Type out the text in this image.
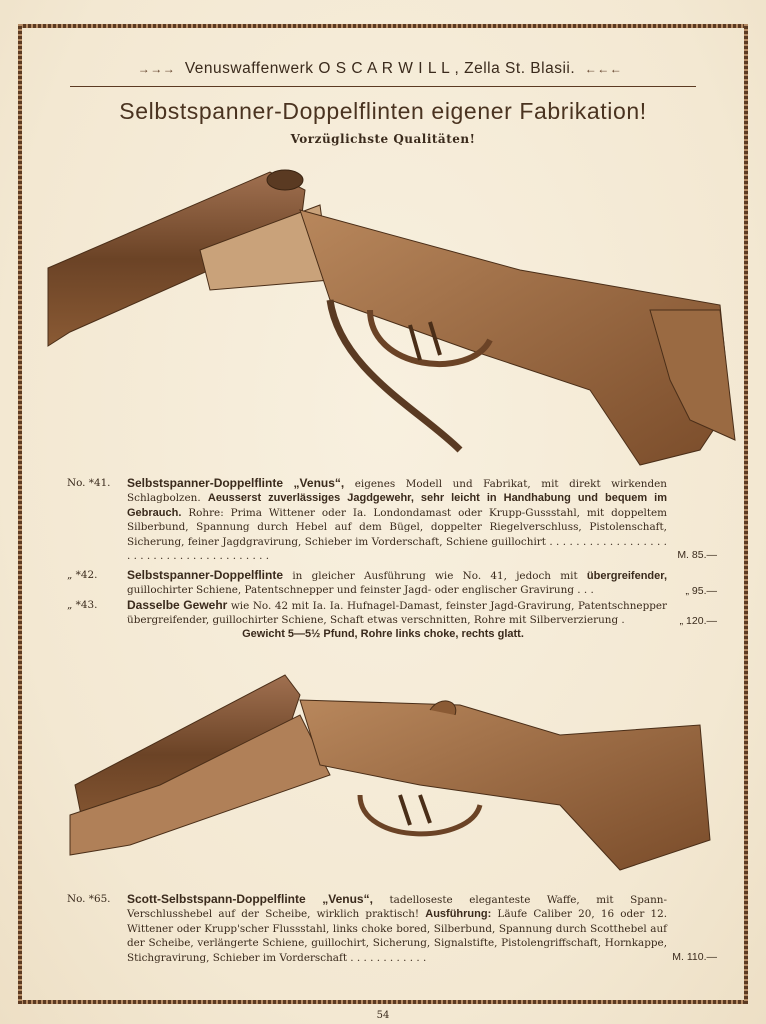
→→→ Venuswaffenwerk O S C A R W I L L , Zella St. Blasii. ←←←
Selbstspanner-Doppelflinten eigener Fabrikation!
Vorzüglichste Qualitäten!
No. *41.	Selbstspanner-Doppelflinte „Venus“, eigenes Modell und Fabrikat, mit direkt wirkenden Schlagbolzen. Aeusserst zuverlässiges Jagdgewehr, sehr leicht in Handhabung und bequem im Gebrauch. Rohre: Prima Wittener oder Ia. Londondamast oder Krupp-Gussstahl, mit doppeltem Silberbund, Spannung durch Hebel auf dem Bügel, doppelter Riegelverschluss, Pistolenschaft, Sicherung, feiner Jagdgravirung, Schieber im Vorderschaft, Schiene guillochirt . . . . . . . . . . . . . . . . . . . . . . . . . . . . . . . . . . . . . . . .	M. 85.—
„ *42.	Selbstspanner-Doppelflinte in gleicher Ausführung wie No. 41, jedoch mit übergreifender, guillochirter Schiene, Patentschnepper und feinster Jagd- oder englischer Gravirung . . .	„ 95.—
„ *43.	Dasselbe Gewehr wie No. 42 mit Ia. Ia. Hufnagel-Damast, feinster Jagd-Gravirung, Patentschnepper übergreifender, guillochirter Schiene, Schaft etwas verschnitten, Rohre mit Silberverzierung .	„ 120.—
Gewicht 5—5½ Pfund, Rohre links choke, rechts glatt.
No. *65.	Scott-Selbstspann-Doppelflinte „Venus“, tadelloseste eleganteste Waffe, mit Spann-Verschlusshebel auf der Scheibe, wirklich praktisch! Ausführung: Läufe Caliber 20, 16 oder 12. Wittener oder Krupp'scher Flussstahl, links choke bored, Silberbund, Spannung durch Scotthebel auf der Scheibe, verlängerte Schiene, guillochirt, Sicherung, Signalstifte, Pistolengriffschaft, Hornkappe, Stichgravirung, Schieber im Vorderschaft . . . . . . . . . . . .	M. 110.—
54
